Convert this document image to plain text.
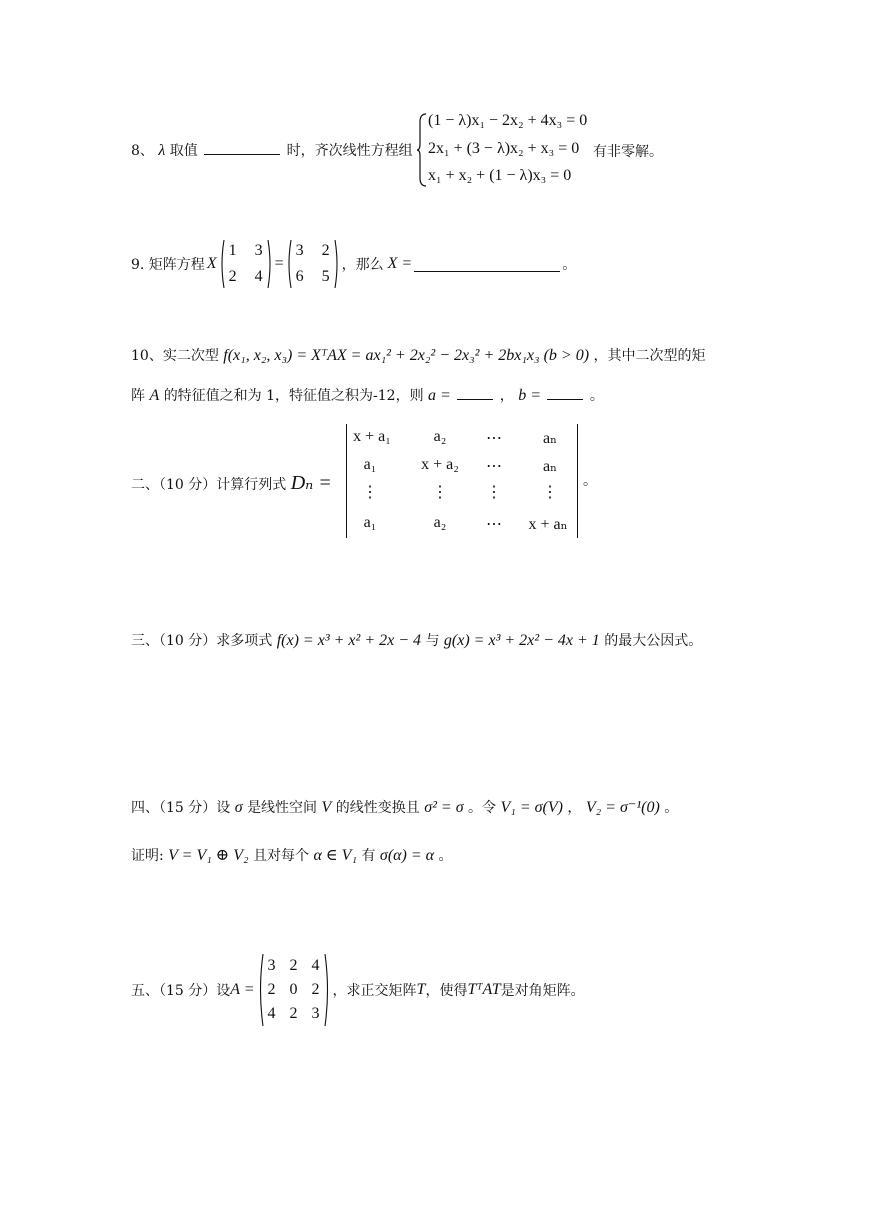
8、 λ 取值	时，齐次线性方程组
(1 − λ)x₁ − 2x₂ + 4x₃ = 0
2x₁ + (3 − λ)x₂ + x₃ = 0
x₁ + x₂ + (1 − λ)x₃ = 0
有非零解。
9. 矩阵方程 X
1 3
2 4
=
3 2
6 5
，那么 X =	。
10、实二次型 f(x₁, x₂, x₃) = XᵀAX = ax₁² + 2x₂² − 2x₃² + 2bx₁x₃ (b > 0) ，其中二次型的矩
阵 A 的特征值之和为 1，特征值之积为-12，则 a =	， b =	。
二、（10 分）计算行列式 Dₙ =
x + a₁	a₂	⋯	aₙ
a₁	x + a₂	⋯	aₙ
⋮	⋮	⋮	⋮
a₁	a₂	⋯	x + aₙ
。
三、（10 分）求多项式 f(x) = x³ + x² + 2x − 4 与 g(x) = x³ + 2x² − 4x + 1 的最大公因式。
四、（15 分）设 σ 是线性空间 V 的线性变换且 σ² = σ 。令 V₁ = σ(V) ， V₂ = σ⁻¹(0) 。
证明: V = V₁ ⊕ V₂ 且对每个 α ∈ V₁ 有 σ(α) = α 。
五、（15 分）设 A =
3 2 4
2 0 2
4 2 3
，求正交矩阵 T ，使得 TᵀAT 是对角矩阵。
